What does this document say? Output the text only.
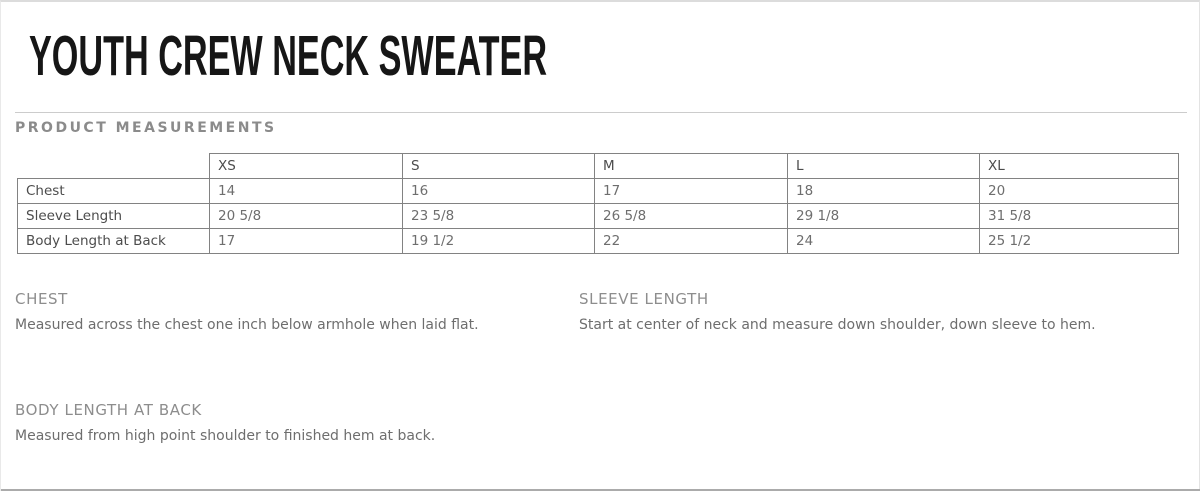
YOUTH CREW NECK SWEATER
PRODUCT MEASUREMENTS
	XS	S	M	L	XL
Chest	14	16	17	18	20
Sleeve Length	20 5/8	23 5/8	26 5/8	29 1/8	31 5/8
Body Length at Back	17	19 1/2	22	24	25 1/2
CHEST
Measured across the chest one inch below armhole when laid flat.
SLEEVE LENGTH
Start at center of neck and measure down shoulder, down sleeve to hem.
BODY LENGTH AT BACK
Measured from high point shoulder to finished hem at back.
